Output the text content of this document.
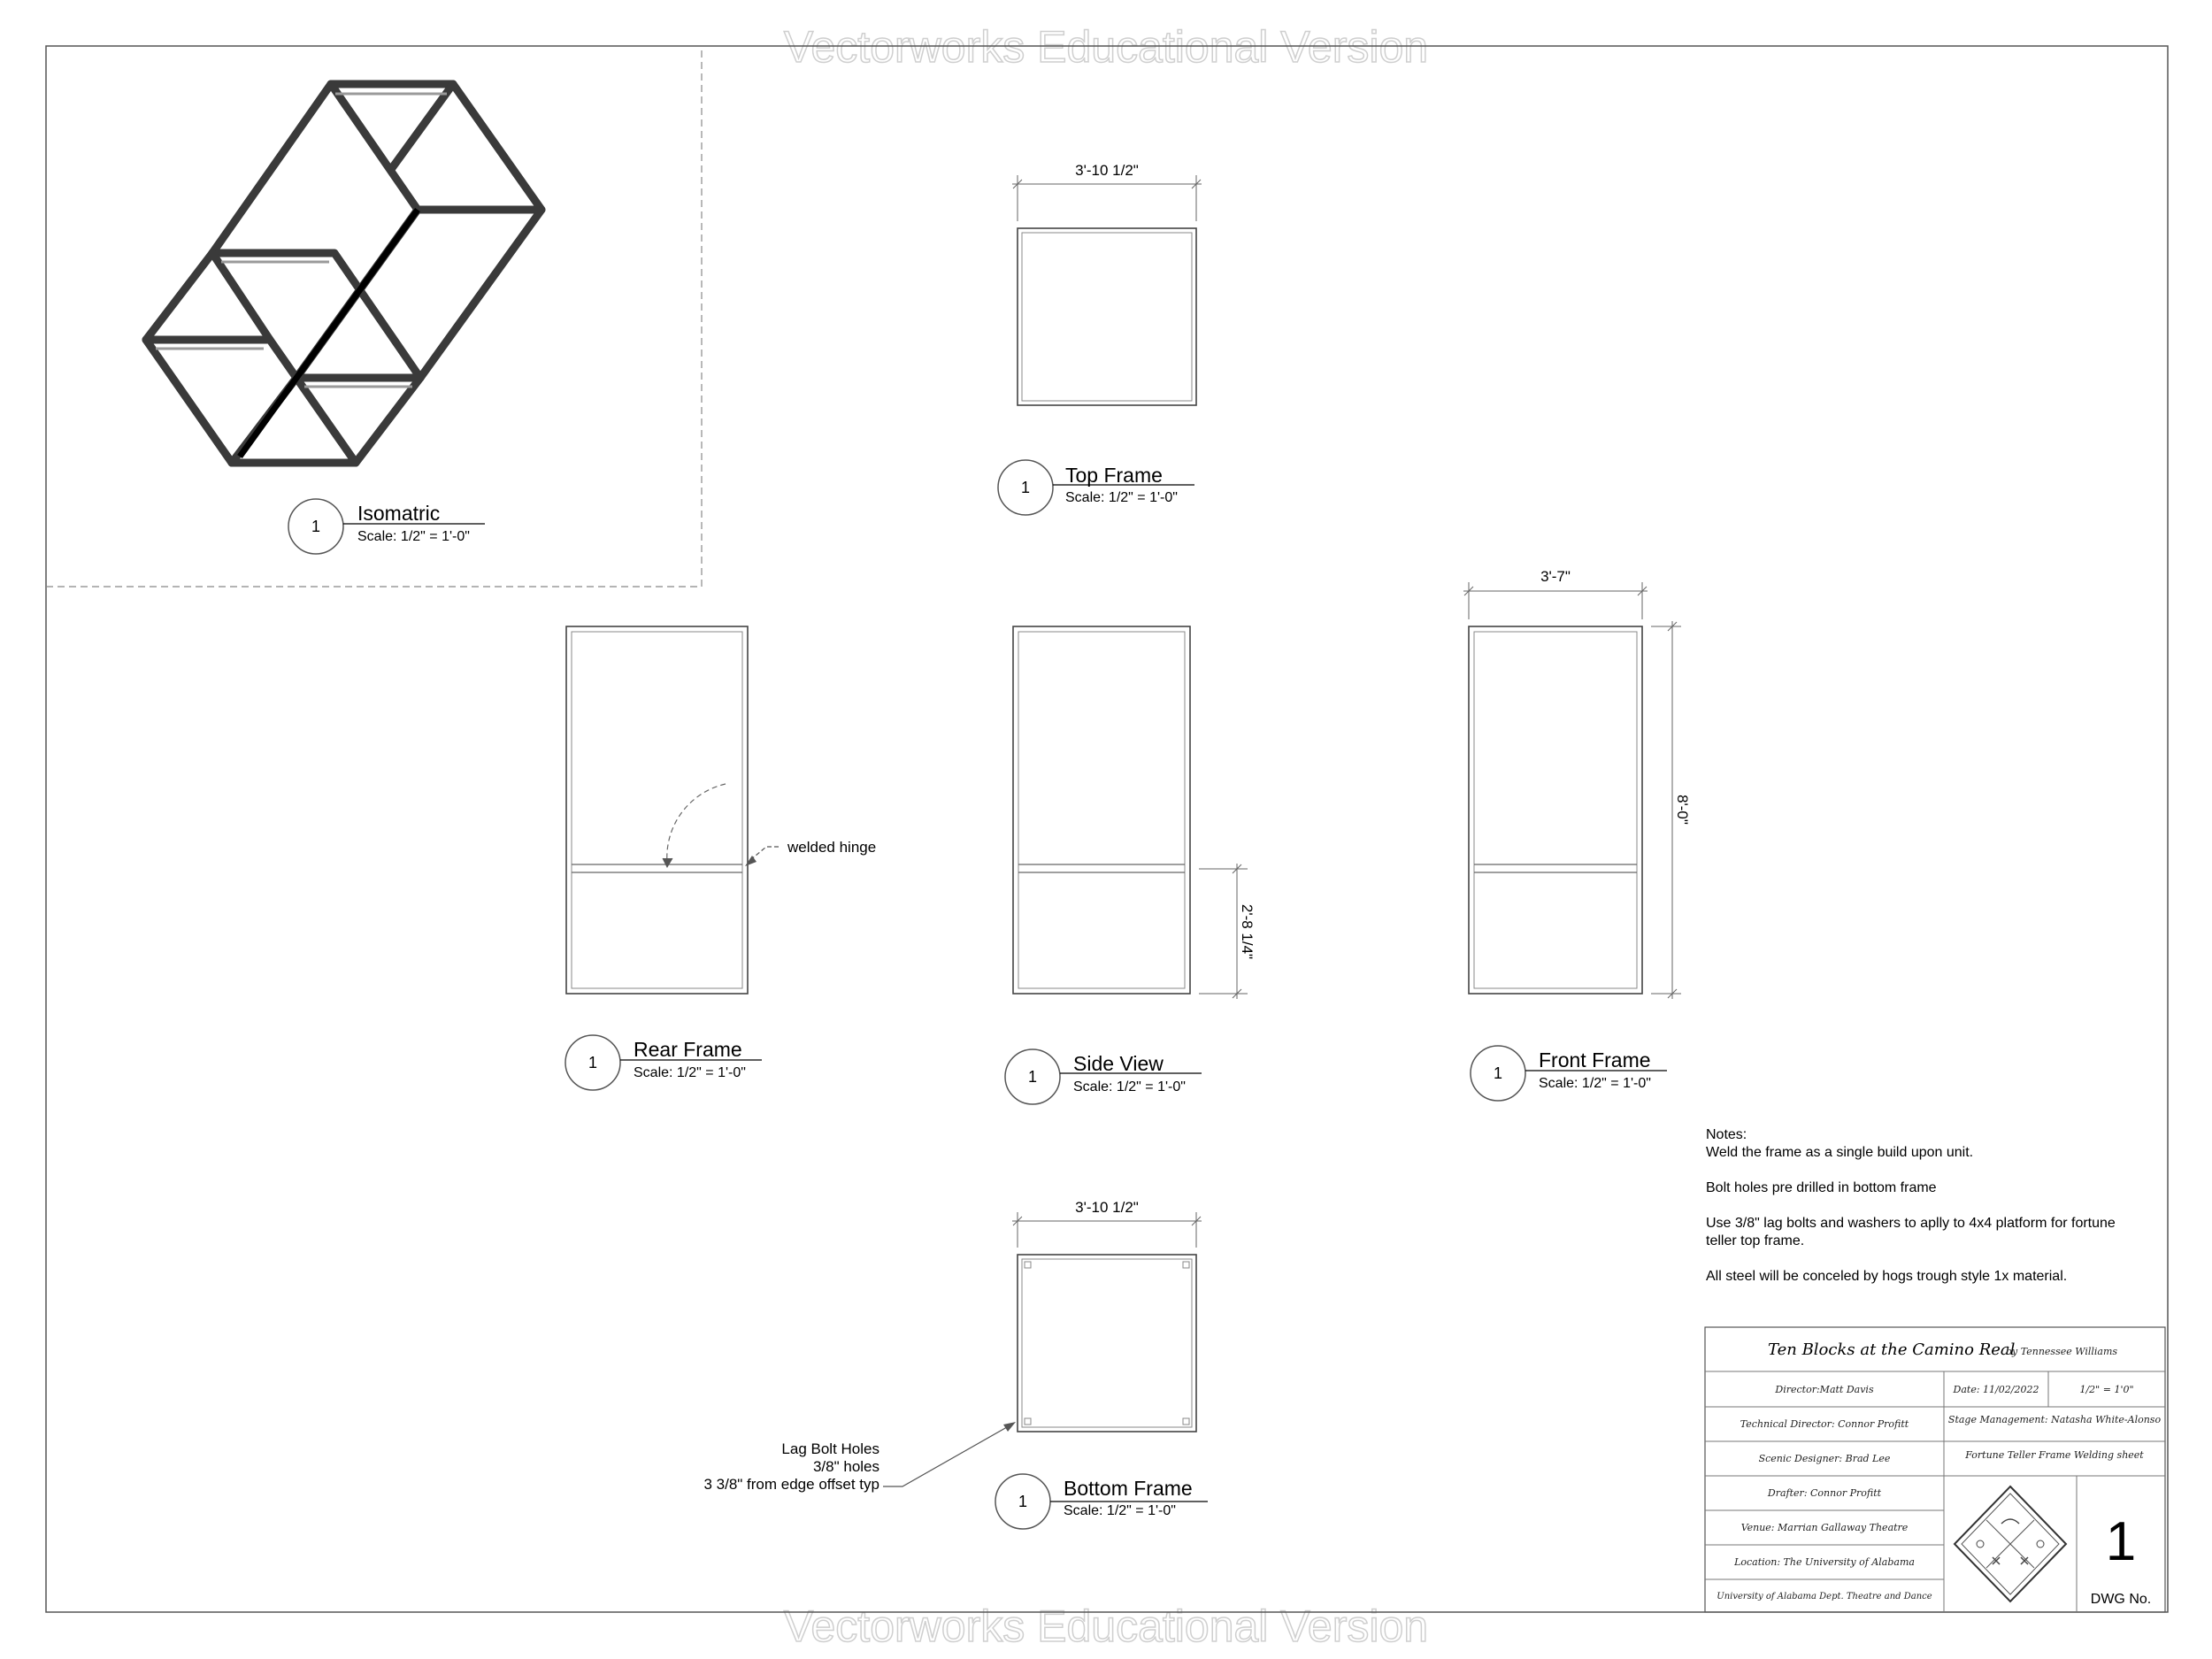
Vectorworks Educational Version
Vectorworks Educational Version
1
Isomatric
Scale: 1/2" = 1'-0"
3'-10 1/2"
1
Top Frame
Scale: 1/2" = 1'-0"
welded hinge
1
Rear Frame
Scale: 1/2" = 1'-0"
2'-8 1/4"
1
Side View
Scale: 1/2" = 1'-0"
3'-7"
8'-0"
1
Front Frame
Scale: 1/2" = 1'-0"
3'-10 1/2"
Lag Bolt Holes
3/8" holes
3 3/8" from edge offset typ
1
Bottom Frame
Scale: 1/2" = 1'-0"
Notes:
Weld the frame as a single build upon unit.
Bolt holes pre drilled in bottom frame
Use 3/8" lag bolts and washers to aplly to 4x4 platform for fortune
teller top frame.
All steel will be conceled by hogs trough style 1x material.
Ten Blocks at the Camino Real
by Tennessee Williams
Director:Matt Davis	Date: 11/02/2022	1/2" = 1'0"
Technical Director: Connor Profitt	Stage Management: Natasha White-Alonso
Scenic Designer: Brad Lee	Fortune Teller Frame Welding sheet
Drafter: Connor Profitt
Venue: Marrian Gallaway Theatre
Location: The University of Alabama
University of Alabama Dept. Theatre and Dance
1
DWG No.
